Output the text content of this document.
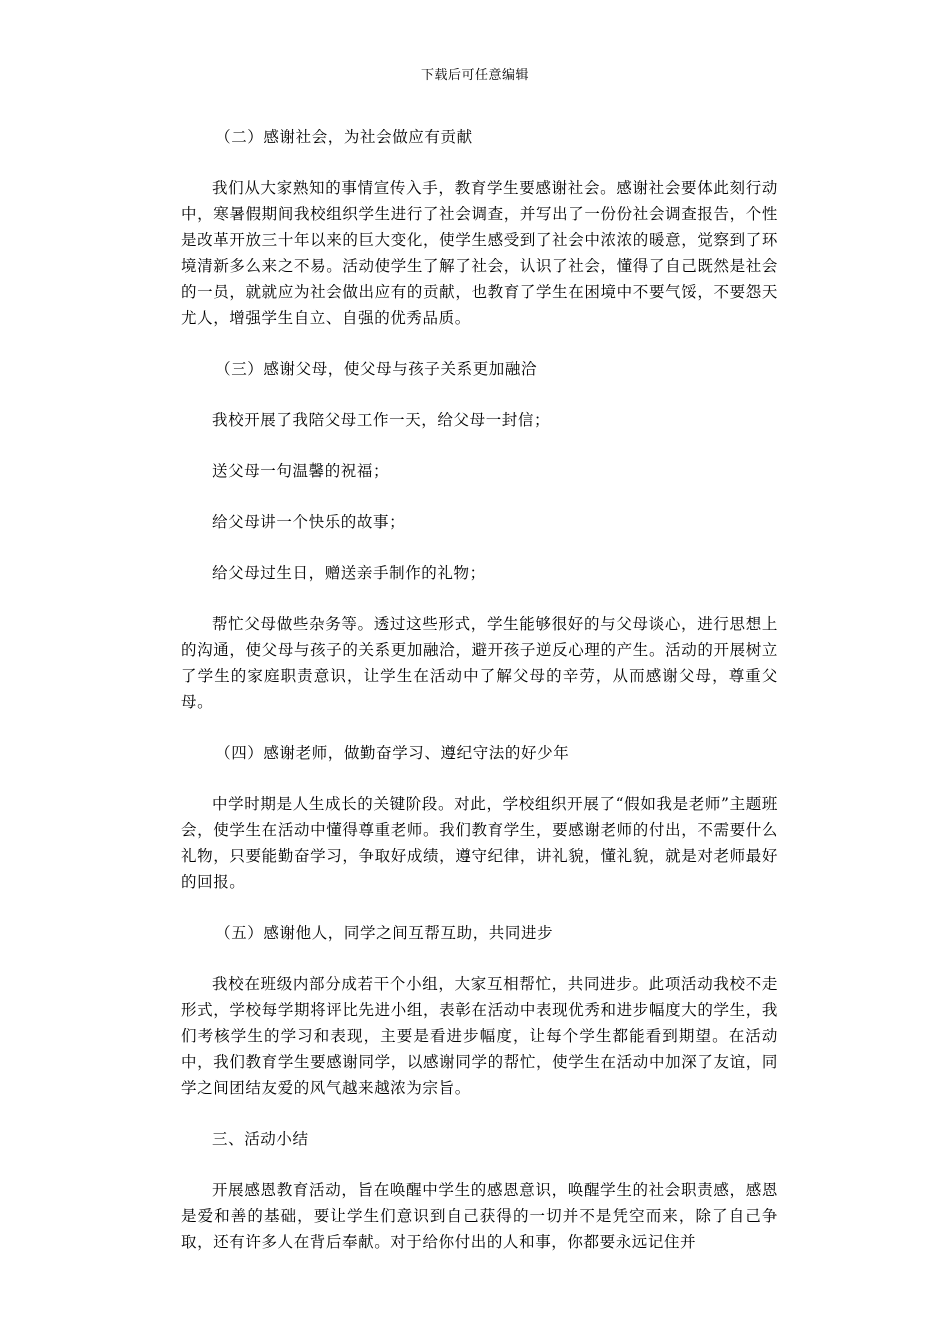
下载后可任意编辑

（二）感谢社会，为社会做应有贡献

我们从大家熟知的事情宣传入手，教育学生要感谢社会。感谢社会要体此刻行动中，寒暑假期间我校组织学生进行了社会调查，并写出了一份份社会调查报告，个性是改革开放三十年以来的巨大变化，使学生感受到了社会中浓浓的暖意，觉察到了环境清新多么来之不易。活动使学生了解了社会，认识了社会，懂得了自己既然是社会的一员，就就应为社会做出应有的贡献，也教育了学生在困境中不要气馁，不要怨天尤人，增强学生自立、自强的优秀品质。

（三）感谢父母，使父母与孩子关系更加融洽

我校开展了我陪父母工作一天，给父母一封信；

送父母一句温馨的祝福；

给父母讲一个快乐的故事；

给父母过生日，赠送亲手制作的礼物；

帮忙父母做些杂务等。透过这些形式，学生能够很好的与父母谈心，进行思想上的沟通，使父母与孩子的关系更加融洽，避开孩子逆反心理的产生。活动的开展树立了学生的家庭职责意识，让学生在活动中了解父母的辛劳，从而感谢父母，尊重父母。

（四）感谢老师，做勤奋学习、遵纪守法的好少年

中学时期是人生成长的关键阶段。对此，学校组织开展了“假如我是老师”主题班会，使学生在活动中懂得尊重老师。我们教育学生，要感谢老师的付出，不需要什么礼物，只要能勤奋学习，争取好成绩，遵守纪律，讲礼貌，懂礼貌，就是对老师最好的回报。

（五）感谢他人，同学之间互帮互助，共同进步

我校在班级内部分成若干个小组，大家互相帮忙，共同进步。此项活动我校不走形式，学校每学期将评比先进小组，表彰在活动中表现优秀和进步幅度大的学生，我们考核学生的学习和表现，主要是看进步幅度，让每个学生都能看到期望。在活动中，我们教育学生要感谢同学，以感谢同学的帮忙，使学生在活动中加深了友谊，同学之间团结友爱的风气越来越浓为宗旨。

三、活动小结

开展感恩教育活动，旨在唤醒中学生的感恩意识，唤醒学生的社会职责感，感恩是爱和善的基础，要让学生们意识到自己获得的一切并不是凭空而来，除了自己争取，还有许多人在背后奉献。对于给你付出的人和事，你都要永远记住并
